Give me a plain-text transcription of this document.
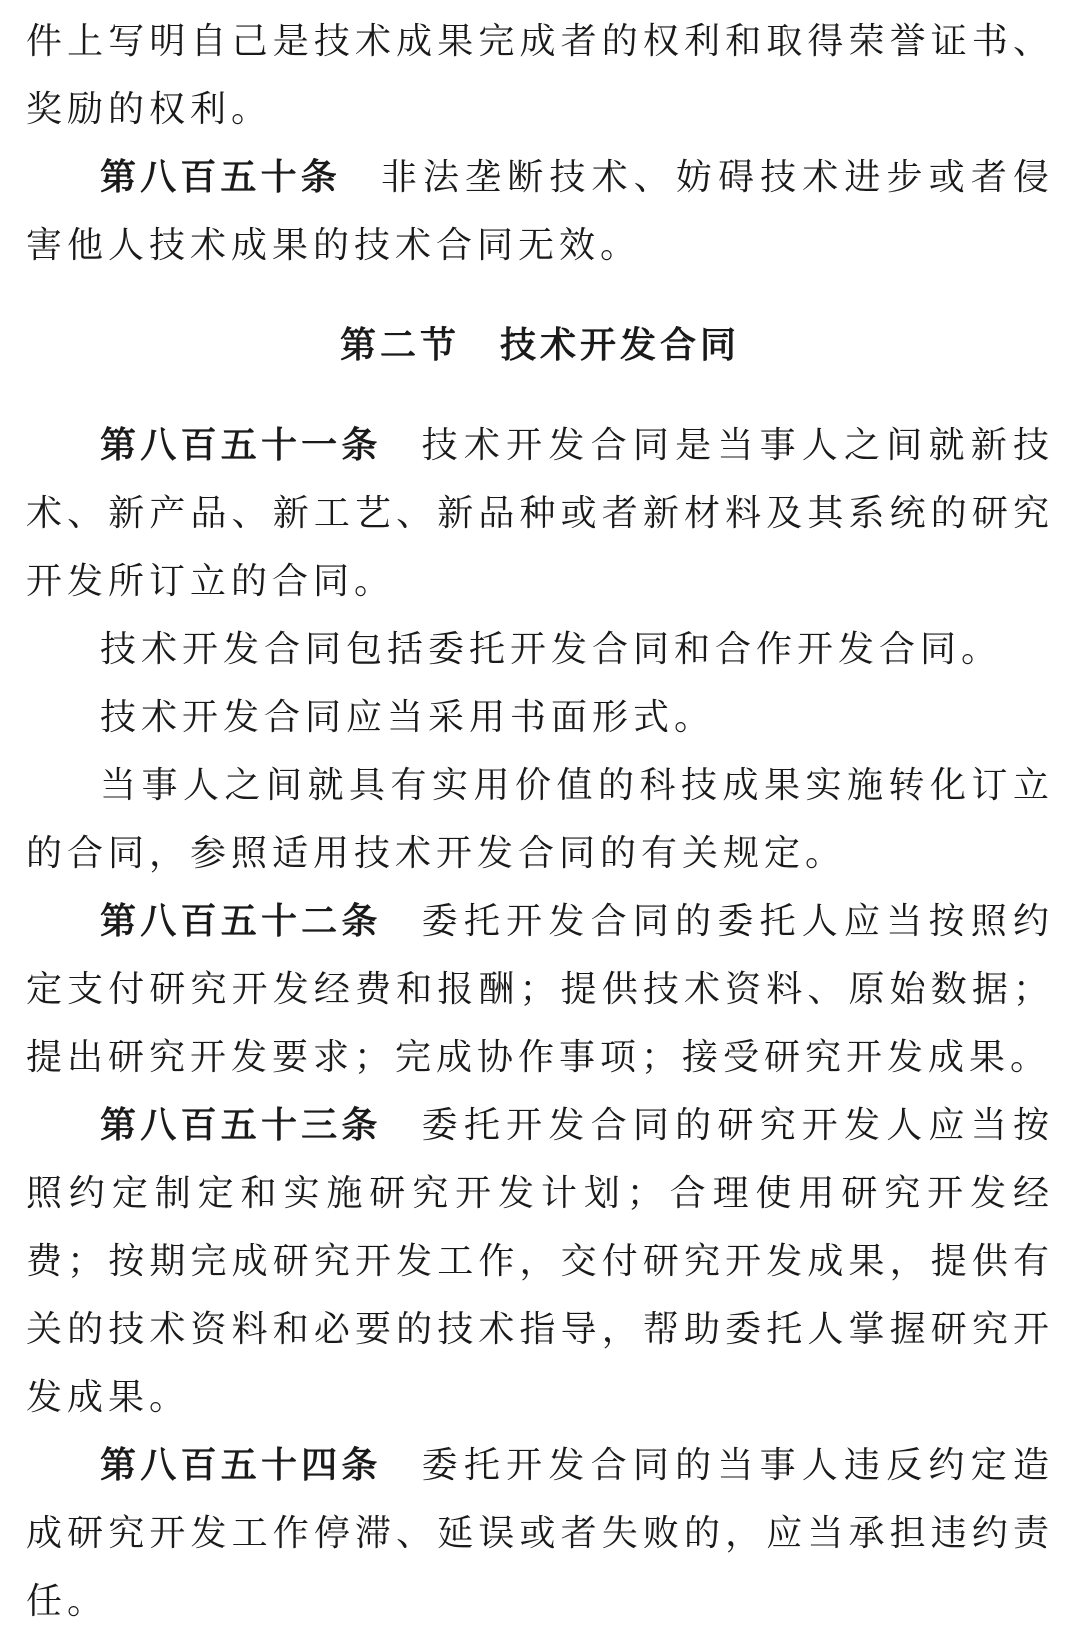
件上写明自己是技术成果完成者的权利和取得荣誉证书、奖励的权利。

第八百五十条 非法垄断技术、妨碍技术进步或者侵害他人技术成果的技术合同无效。

第二节 技术开发合同

第八百五十一条 技术开发合同是当事人之间就新技术、新产品、新工艺、新品种或者新材料及其系统的研究开发所订立的合同。

技术开发合同包括委托开发合同和合作开发合同。

技术开发合同应当采用书面形式。

当事人之间就具有实用价值的科技成果实施转化订立的合同，参照适用技术开发合同的有关规定。

第八百五十二条 委托开发合同的委托人应当按照约定支付研究开发经费和报酬；提供技术资料、原始数据；提出研究开发要求；完成协作事项；接受研究开发成果。

第八百五十三条 委托开发合同的研究开发人应当按照约定制定和实施研究开发计划；合理使用研究开发经费；按期完成研究开发工作，交付研究开发成果，提供有关的技术资料和必要的技术指导，帮助委托人掌握研究开发成果。

第八百五十四条 委托开发合同的当事人违反约定造成研究开发工作停滞、延误或者失败的，应当承担违约责任。
